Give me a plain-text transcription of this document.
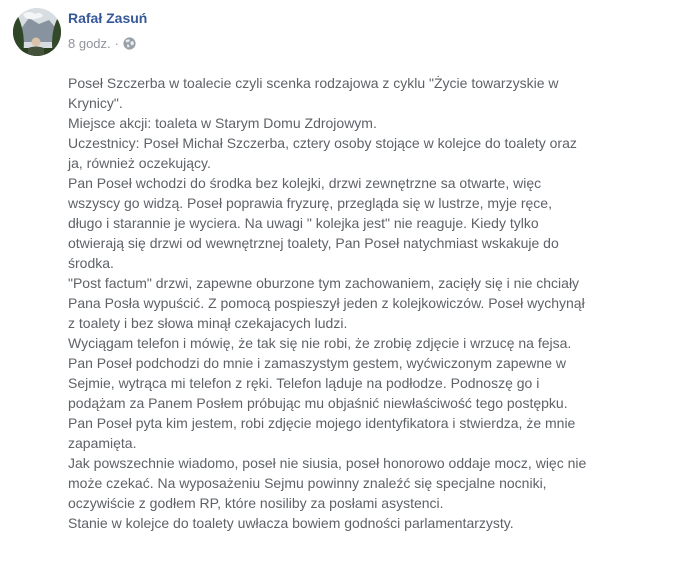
Rafał Zasuń
8 godz. ·
Poseł Szczerba w toalecie czyli scenka rodzajowa z cyklu "Życie towarzyskie w
Krynicy".
Miejsce akcji: toaleta w Starym Domu Zdrojowym.
Uczestnicy: Poseł Michał Szczerba, cztery osoby stojące w kolejce do toalety oraz
ja, również oczekujący.
Pan Poseł wchodzi do środka bez kolejki, drzwi zewnętrzne sa otwarte, więc
wszyscy go widzą. Poseł poprawia fryzurę, przegląda się w lustrze, myje ręce,
długo i starannie je wyciera. Na uwagi " kolejka jest" nie reaguje. Kiedy tylko
otwierają się drzwi od wewnętrznej toalety, Pan Poseł natychmiast wskakuje do
środka.
"Post factum" drzwi, zapewne oburzone tym zachowaniem, zacięły się i nie chciały
Pana Posła wypuścić. Z pomocą pospieszył jeden z kolejkowiczów. Poseł wychynął
z toalety i bez słowa minął czekajacych ludzi.
Wyciągam telefon i mówię, że tak się nie robi, że zrobię zdjęcie i wrzucę na fejsa.
Pan Poseł podchodzi do mnie i zamaszystym gestem, wyćwiczonym zapewne w
Sejmie, wytrąca mi telefon z ręki. Telefon ląduje na podłodze. Podnoszę go i
podążam za Panem Posłem próbując mu objaśnić niewłaściwość tego postępku.
Pan Poseł pyta kim jestem, robi zdjęcie mojego identyfikatora i stwierdza, że mnie
zapamięta.
Jak powszechnie wiadomo, poseł nie siusia, poseł honorowo oddaje mocz, więc nie
może czekać. Na wyposażeniu Sejmu powinny znaleźć się specjalne nocniki,
oczywiście z godłem RP, które nosiliby za posłami asystenci.
Stanie w kolejce do toalety uwłacza bowiem godności parlamentarzysty.
